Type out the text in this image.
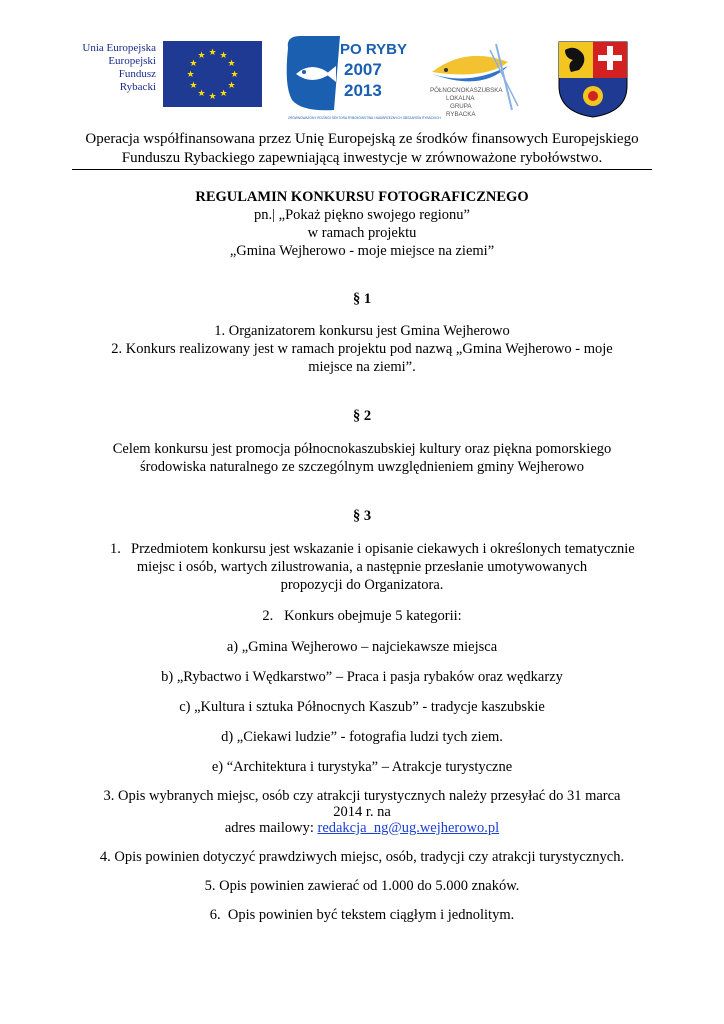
Unia Europejska
Europejski
Fundusz
Rybacki
★ ★
★
★
★
★
★
★
★
★
★
★	PO RYBY
2007
2013
ZRÓWNOWAŻONY ROZWÓJ SEKTORA RYBOŁÓWSTWA I NADBRZEŻNYCH OBSZARÓW RYBACKICH
PÓŁNOCNOKASZUBSKA
LOKALNA
GRUPA
RYBACKA
Operacja współfinansowana przez Unię Europejską ze środków finansowych Europejskiego
Funduszu Rybackiego zapewniającą inwestycje w zrównoważone rybołówstwo.
REGULAMIN KONKURSU FOTOGRAFICZNEGO
pn.| „Pokaż piękno swojego regionu”
w ramach projektu
„Gmina Wejherowo - moje miejsce na ziemi”
§ 1
1. Organizatorem konkursu jest Gmina Wejherowo
2. Konkurs realizowany jest w ramach projektu pod nazwą „Gmina Wejherowo - moje
miejsce na ziemi”.
§ 2
Celem konkursu jest promocja północnokaszubskiej kultury oraz piękna pomorskiego
środowiska naturalnego ze szczególnym uwzględnieniem gminy Wejherowo
§ 3
1. Przedmiotem konkursu jest wskazanie i opisanie ciekawych i określonych tematycznie
miejsc i osób, wartych zilustrowania, a następnie przesłanie umotywowanych
propozycji do Organizatora.
2.   Konkurs obejmuje 5 kategorii:
a) „Gmina Wejherowo – najciekawsze miejsca
b) „Rybactwo i Wędkarstwo” – Praca i pasja rybaków oraz wędkarzy
c) „Kultura i sztuka Północnych Kaszub” - tradycje kaszubskie
d) „Ciekawi ludzie” - fotografia ludzi tych ziem.
e) “Architektura i turystyka” – Atrakcje turystyczne
3. Opis wybranych miejsc, osób czy atrakcji turystycznych należy przesyłać do 31 marca
2014 r. na
adres mailowy: redakcja_ng@ug.wejherowo.pl
4. Opis powinien dotyczyć prawdziwych miejsc, osób, tradycji czy atrakcji turystycznych.
5. Opis powinien zawierać od 1.000 do 5.000 znaków.
6.  Opis powinien być tekstem ciągłym i jednolitym.
